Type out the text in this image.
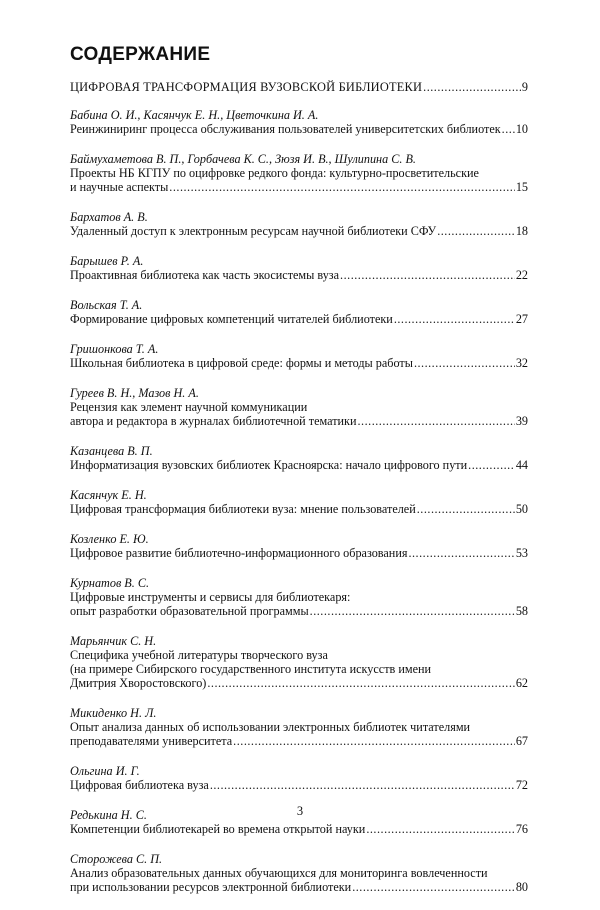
СОДЕРЖАНИЕ
ЦИФРОВАЯ ТРАНСФОРМАЦИЯ ВУЗОВСКОЙ БИБЛИОТЕКИ .....	9
Бабина О. И., Касянчук Е. Н., Цветочкина И. А.
Реинжиниринг процесса обслуживания пользователей университетских библиотек ..... 10
Баймухаметова В. П., Горбачева К. С., Зюзя И. В., Шулипина С. В.
Проекты НБ КГПУ по оцифровке редкого фонда: культурно-просветительские
и научные аспекты .....	15
Бархатов А. В.
Удаленный доступ к электронным ресурсам научной библиотеки СФУ .....	18
Барышев Р. А.
Проактивная библиотека как часть экосистемы вуза .....	22
Вольская Т. А.
Формирование цифровых компетенций читателей библиотеки .....	27
Гришонкова Т. А.
Школьная библиотека в цифровой среде: формы и методы работы .....	32
Гуреев В. Н., Мазов Н. А.
Рецензия как элемент научной коммуникации
автора и редактора в журналах библиотечной тематики .....	39
Казанцева В. П.
Информатизация вузовских библиотек Красноярска: начало цифрового пути .....	44
Касянчук Е. Н.
Цифровая трансформация библиотеки вуза: мнение пользователей .....	50
Козленко Е. Ю.
Цифровое развитие библиотечно-информационного образования .....	53
Курнатов В. С.
Цифровые инструменты и сервисы для библиотекаря:
опыт разработки образовательной программы .....	58
Марьянчик С. Н.
Специфика учебной литературы творческого вуза
(на примере Сибирского государственного института искусств имени
Дмитрия Хворостовского) .....	62
Микиденко Н. Л.
Опыт анализа данных об использовании электронных библиотек читателями
преподавателями университета .....	67
Ольгина И. Г.
Цифровая библиотека вуза .....	72
Редькина Н. С.
Компетенции библиотекарей во времена открытой науки .....	76
Сторожева С. П.
Анализ образовательных данных обучающихся для мониторинга вовлеченности
при использовании ресурсов электронной библиотеки .....	80
3
